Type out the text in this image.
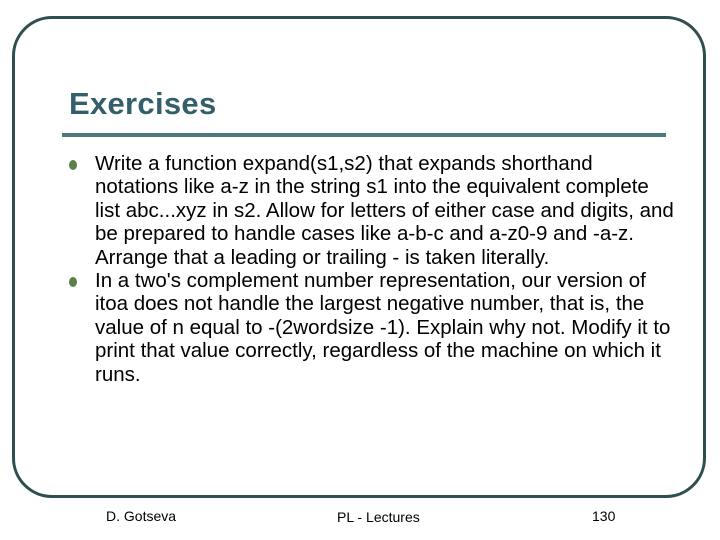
Exercises
Write a function expand(s1,s2) that expands shorthand notations like a-z in the string s1 into the equivalent complete list abc...xyz in s2. Allow for letters of either case and digits, and be prepared to handle cases like a-b-c and a-z0-9 and -a-z. Arrange that a leading or trailing - is taken literally.
In a two's complement number representation, our version of itoa does not handle the largest negative number, that is, the value of n equal to -(2wordsize -1). Explain why not. Modify it to print that value correctly, regardless of the machine on which it runs.
D. Gotseva	PL - Lectures	130
